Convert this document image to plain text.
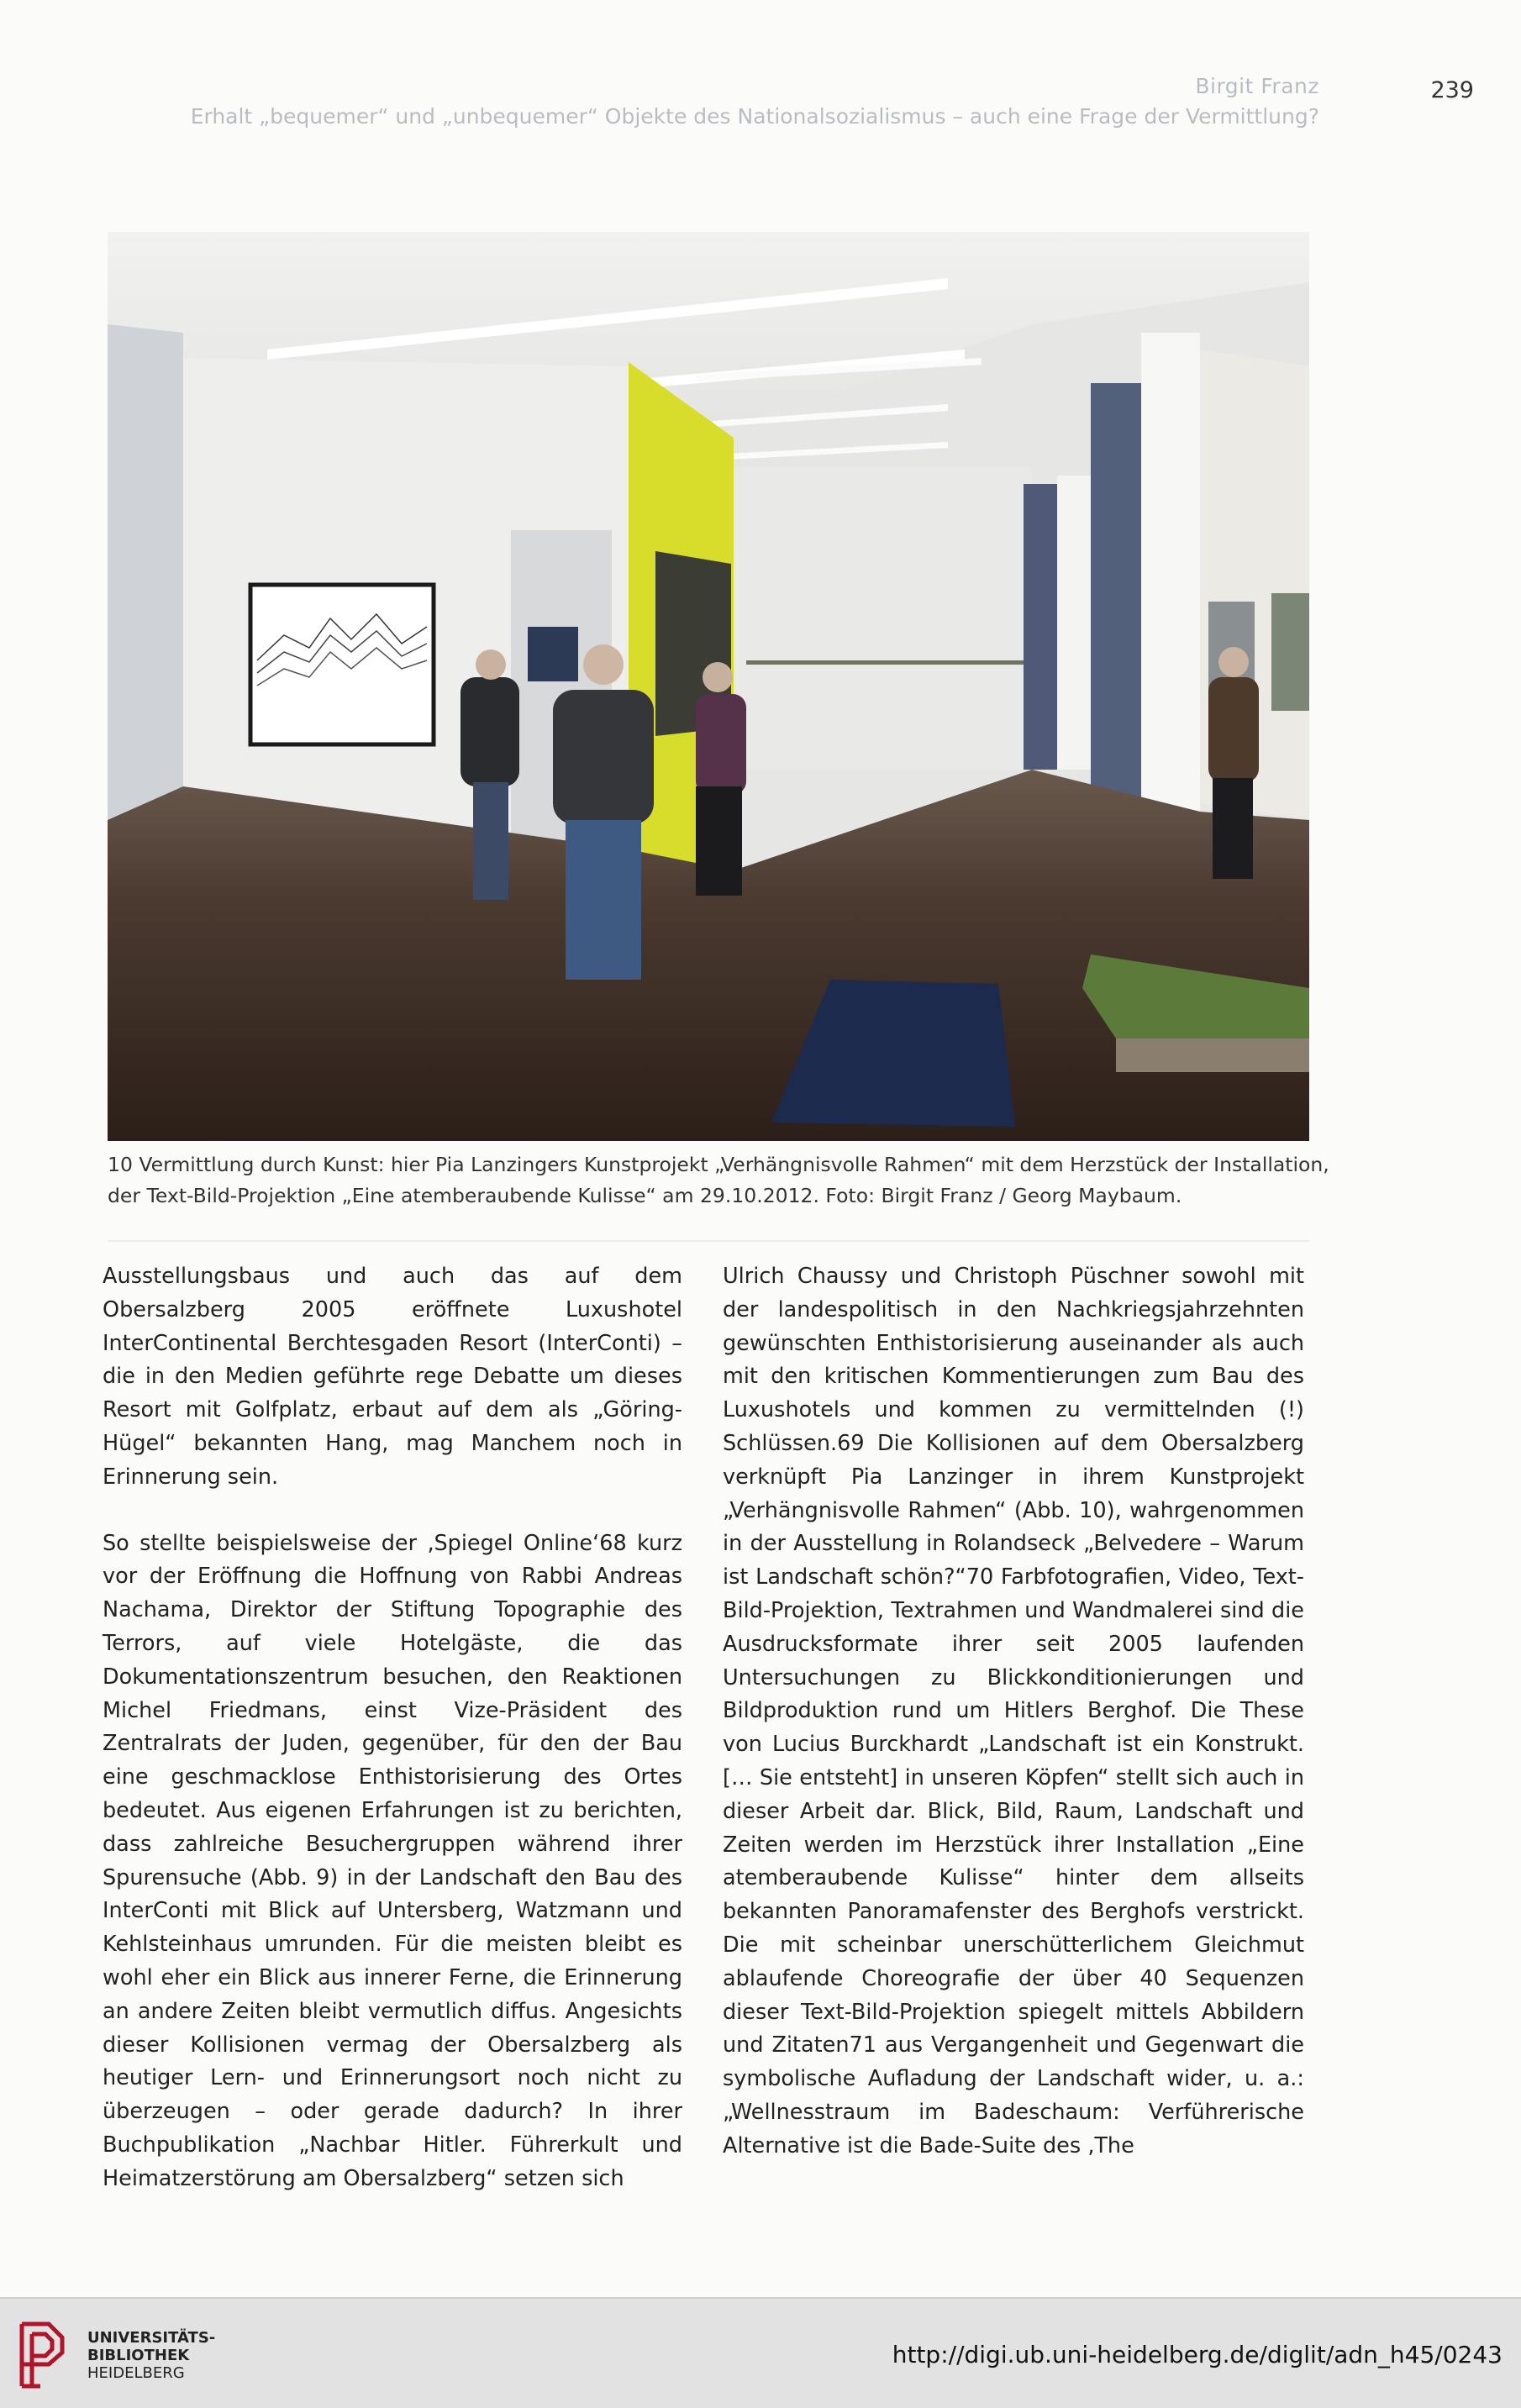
Birgit Franz
Erhalt „bequemer“ und „unbequemer“ Objekte des Nationalsozialismus – auch eine Frage der Vermittlung?
239
10 Vermittlung durch Kunst: hier Pia Lanzingers Kunstprojekt „Verhängnisvolle Rahmen“ mit dem Herzstück der Installation,
der Text-Bild-Projektion „Eine atemberaubende Kulisse“ am 29.10.2012. Foto: Birgit Franz / Georg Maybaum.

Ausstellungsbaus und auch das auf dem Obersalzberg 2005 eröffnete Luxushotel InterContinental Berchtesgaden Resort (InterConti) – die in den Medien geführte rege Debatte um dieses Resort mit Golfplatz, erbaut auf dem als „Göring-Hügel“ bekannten Hang, mag Manchem noch in Erinnerung sein.

So stellte beispielsweise der ‚Spiegel Online‘68 kurz vor der Eröffnung die Hoffnung von Rabbi Andreas Nachama, Direktor der Stiftung Topographie des Terrors, auf viele Hotelgäste, die das Dokumentationszentrum besuchen, den Reaktionen Michel Friedmans, einst Vize-Präsident des Zentralrats der Juden, gegenüber, für den der Bau eine geschmacklose Enthistorisierung des Ortes bedeutet. Aus eigenen Erfahrungen ist zu berichten, dass zahlreiche Besuchergruppen während ihrer Spurensuche (Abb. 9) in der Landschaft den Bau des InterConti mit Blick auf Untersberg, Watzmann und Kehlsteinhaus umrunden. Für die meisten bleibt es wohl eher ein Blick aus innerer Ferne, die Erinnerung an andere Zeiten bleibt vermutlich diffus. Angesichts dieser Kollisionen vermag der Obersalzberg als heutiger Lern- und Erinnerungsort noch nicht zu überzeugen – oder gerade dadurch? In ihrer Buchpublikation „Nachbar Hitler. Führerkult und Heimatzerstörung am Obersalzberg“ setzen sich

Ulrich Chaussy und Christoph Püschner sowohl mit der landespolitisch in den Nachkriegsjahrzehnten gewünschten Enthistorisierung auseinander als auch mit den kritischen Kommentierungen zum Bau des Luxushotels und kommen zu vermittelnden (!) Schlüssen.69 Die Kollisionen auf dem Obersalzberg verknüpft Pia Lanzinger in ihrem Kunstprojekt „Verhängnisvolle Rahmen“ (Abb. 10), wahrgenommen in der Ausstellung in Rolandseck „Belvedere – Warum ist Landschaft schön?“70 Farbfotografien, Video, Text-Bild-Projektion, Textrahmen und Wandmalerei sind die Ausdrucksformate ihrer seit 2005 laufenden Untersuchungen zu Blickkonditionierungen und Bildproduktion rund um Hitlers Berghof. Die These von Lucius Burckhardt „Landschaft ist ein Konstrukt. [… Sie entsteht] in unseren Köpfen“ stellt sich auch in dieser Arbeit dar. Blick, Bild, Raum, Landschaft und Zeiten werden im Herzstück ihrer Installation „Eine atemberaubende Kulisse“ hinter dem allseits bekannten Panoramafenster des Berghofs verstrickt. Die mit scheinbar unerschütterlichem Gleichmut ablaufende Choreografie der über 40 Sequenzen dieser Text-Bild-Projektion spiegelt mittels Abbildern und Zitaten71 aus Vergangenheit und Gegenwart die symbolische Aufladung der Landschaft wider, u. a.: „Wellnesstraum im Badeschaum: Verführerische Alternative ist die Bade-Suite des ‚The

UNIVERSITÄTS-
BIBLIOTHEK
HEIDELBERG
http://digi.ub.uni-heidelberg.de/diglit/adn_h45/0243
